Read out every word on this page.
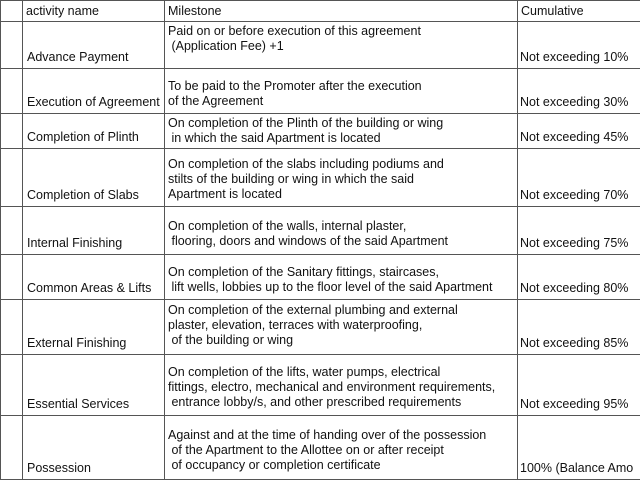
	activity name	Milestone	Cumulative
	Advance Payment	Paid on or before execution of this agreement
(Application Fee) +1	Not exceeding 10%
	Execution of Agreement	To be paid to the Promoter after the execution
of the Agreement	Not exceeding 30%
	Completion of Plinth	On completion of the Plinth of the building or wing
in which the said Apartment is located	Not exceeding 45%
	Completion of Slabs	On completion of the slabs including podiums and
stilts of the building or wing in which the said
Apartment is located	Not exceeding 70%
	Internal Finishing	On completion of the walls, internal plaster,
flooring, doors and windows of the said Apartment	Not exceeding 75%
	Common Areas & Lifts	On completion of the Sanitary fittings, staircases,
lift wells, lobbies up to the floor level of the said Apartment	Not exceeding 80%
	External Finishing	On completion of the external plumbing and external
plaster, elevation, terraces with waterproofing,
of the building or wing	Not exceeding 85%
	Essential Services	On completion of the lifts, water pumps, electrical
fittings, electro, mechanical and environment requirements,
entrance lobby/s, and other prescribed requirements	Not exceeding 95%
	Possession	Against and at the time of handing over of the possession
of the Apartment to the Allottee on or after receipt
of occupancy or completion certificate	100% (Balance Amo
